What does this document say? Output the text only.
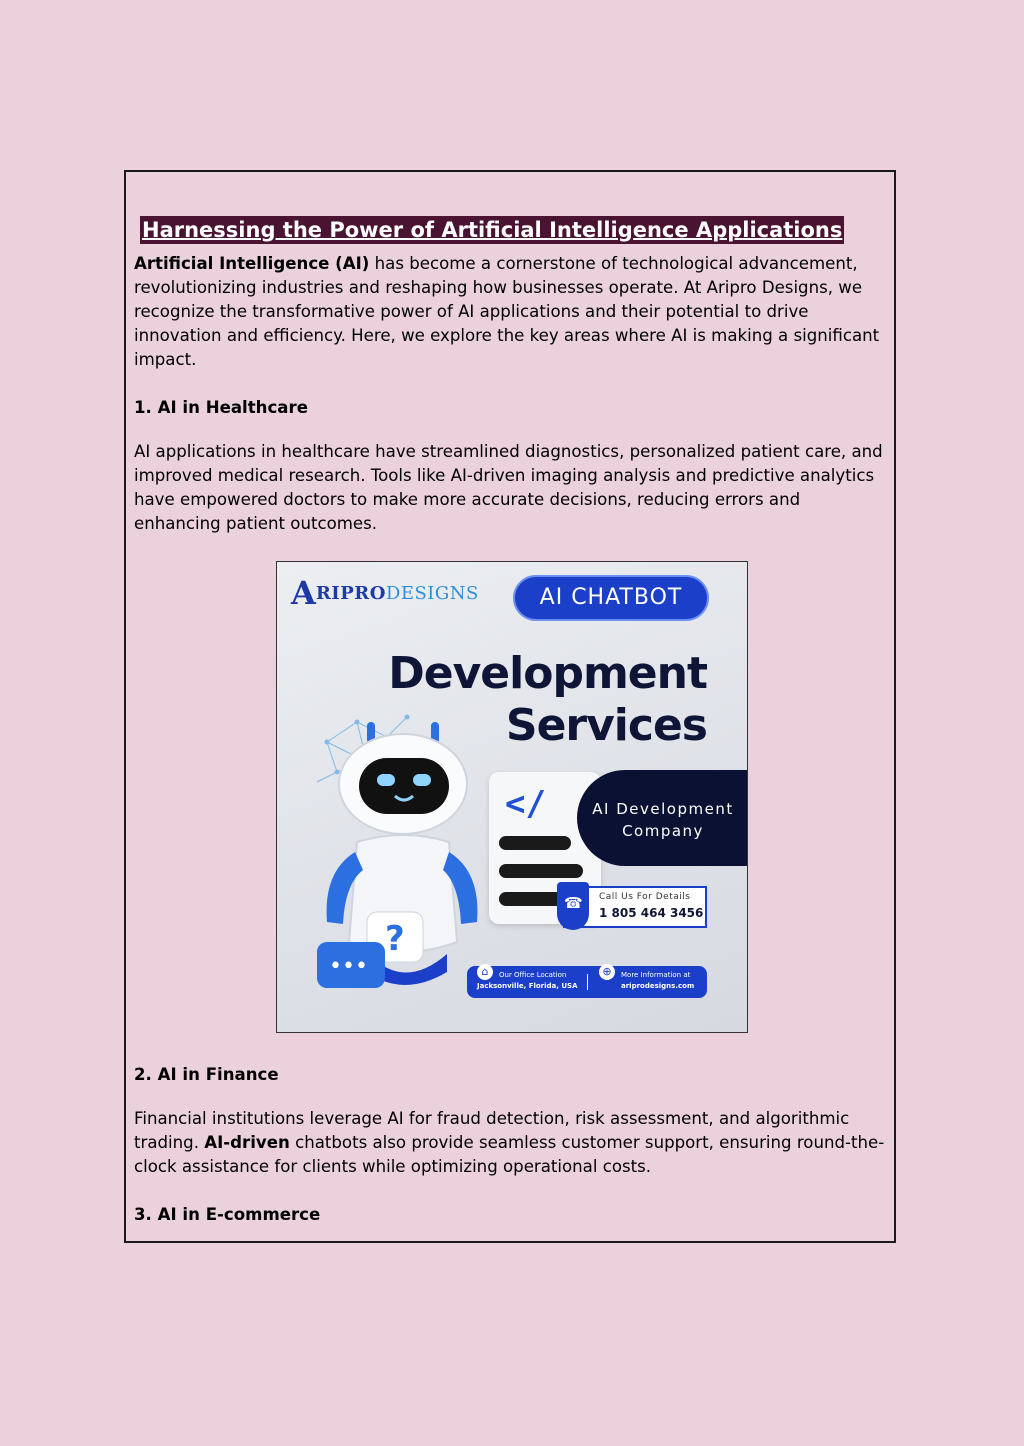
Harnessing the Power of Artificial Intelligence Applications

Artificial Intelligence (AI) has become a cornerstone of technological advancement, revolutionizing industries and reshaping how businesses operate. At Aripro Designs, we recognize the transformative power of AI applications and their potential to drive innovation and efficiency. Here, we explore the key areas where AI is making a significant impact.

1. AI in Healthcare

AI applications in healthcare have streamlined diagnostics, personalized patient care, and improved medical research. Tools like AI-driven imaging analysis and predictive analytics have empowered doctors to make more accurate decisions, reducing errors and enhancing patient outcomes.

ARIPRODESIGNS	AI CHATBOT
Development
Services
?
•••
</	AI Development
Company
☎ Call Us For Details
1 805 464 3456
⌂	Our Office Location
Jacksonville, Florida, USA
⊕	More Information at
ariprodesigns.com
2. AI in Finance

Financial institutions leverage AI for fraud detection, risk assessment, and algorithmic trading. AI-driven chatbots also provide seamless customer support, ensuring round-the-clock assistance for clients while optimizing operational costs.

3. AI in E-commerce
